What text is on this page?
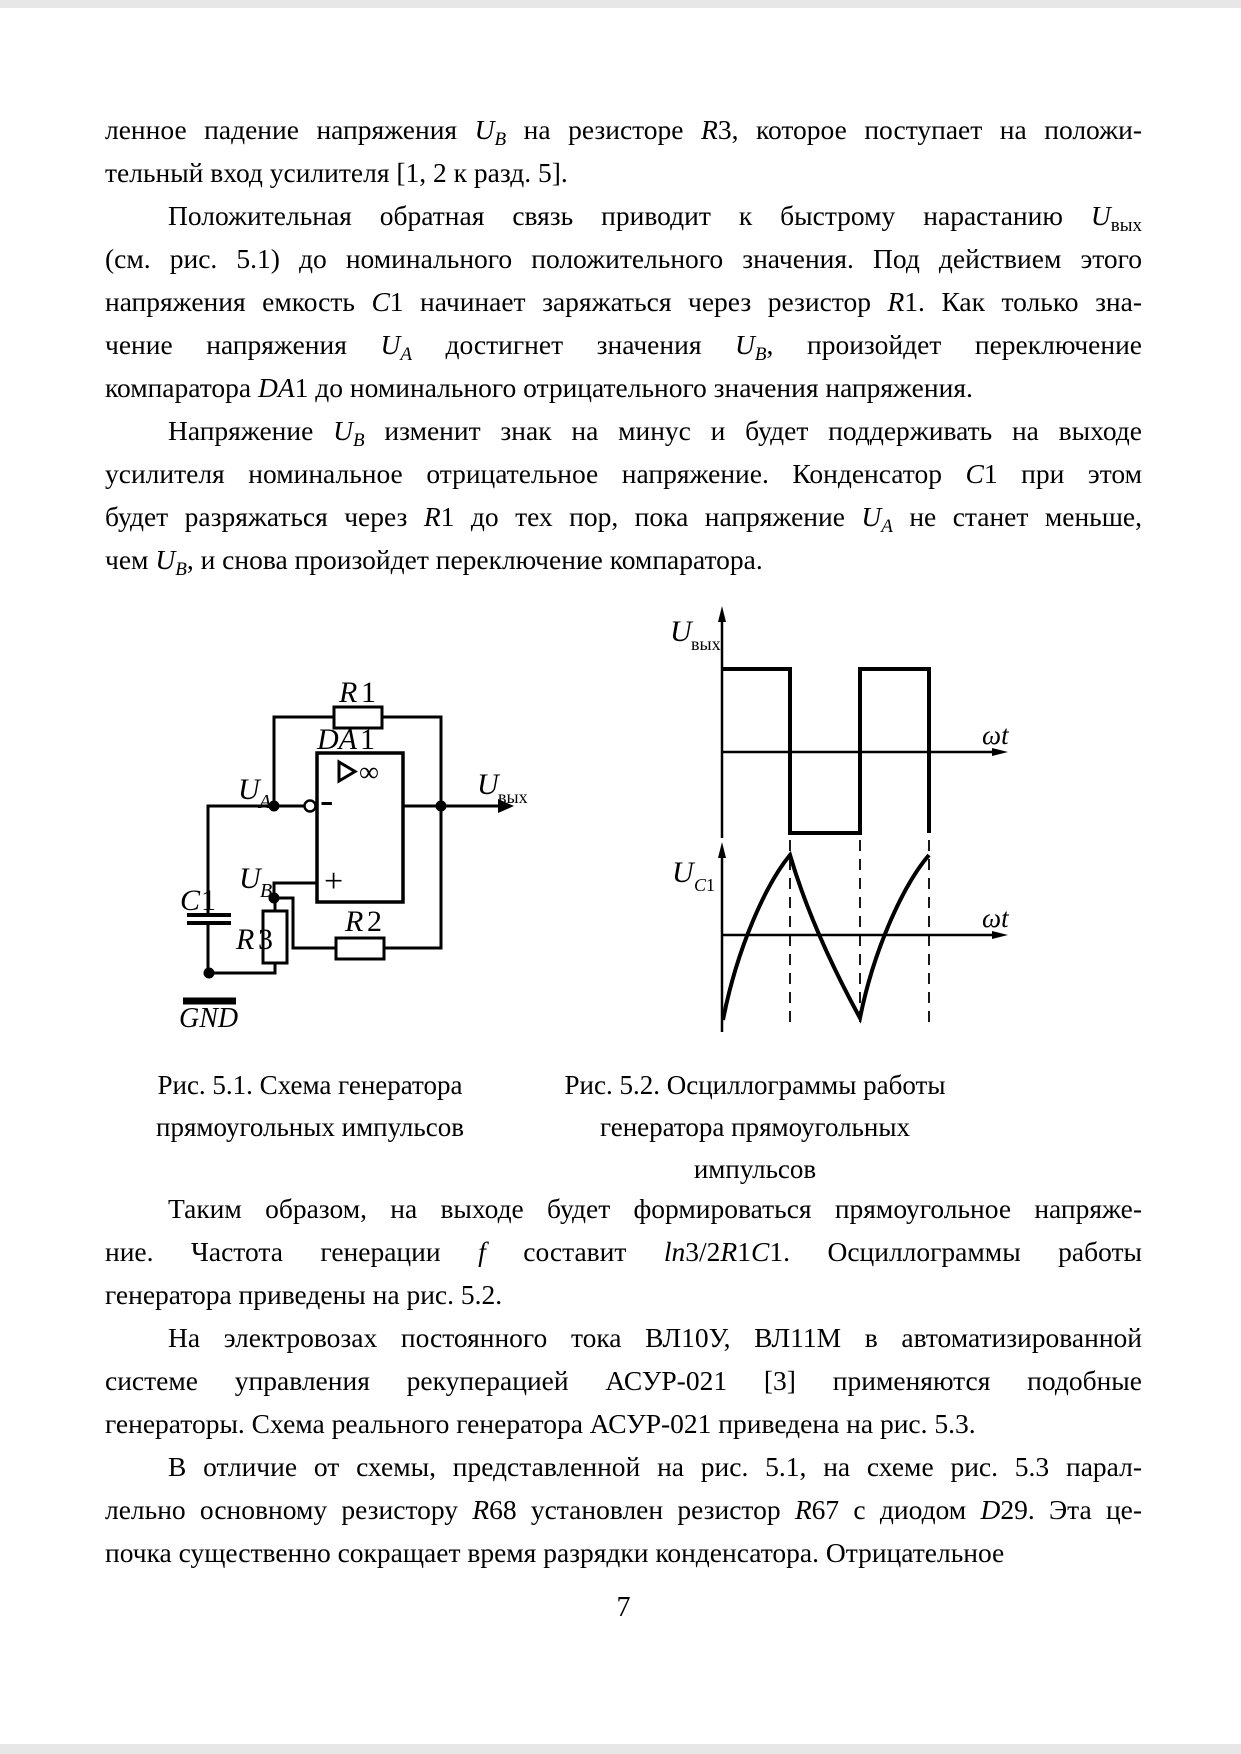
ленное падение напряжения $U_B$ на резисторе R3, которое поступает на положи-
тельный вход усилителя [1, 2 к разд. 5].
Положительная обратная связь приводит к быстрому нарастанию $U_{вых}$
(см. рис. 5.1) до номинального положительного значения. Под действием этого
напряжения емкость C1 начинает заряжаться через резистор R1. Как только зна-
чение напряжения $U_A$ достигнет значения $U_B$, произойдет переключение
компаратора DA1 до номинального отрицательного значения напряжения.
Напряжение $U_B$ изменит знак на минус и будет поддерживать на выходе
усилителя номинальное отрицательное напряжение. Конденсатор C1 при этом
будет разряжаться через R1 до тех пор, пока напряжение $U_A$ не станет меньше,
чем $U_B$, и снова произойдет переключение компаратора.
R 1
DA 1
U A
U вых
U B
C 1
R 3
R 2
GND
-
+
∞
U вых
ωt
U C 1
ωt
Рис. 5.1. Схема генератора
прямоугольных импульсов
Рис. 5.2. Осциллограммы работы
генератора прямоугольных
импульсов
Таким образом, на выходе будет формироваться прямоугольное напряже-
ние. Частота генерации f составит ln3/2R1C1. Осциллограммы работы
генератора приведены на рис. 5.2.
На электровозах постоянного тока ВЛ10У, ВЛ11М в автоматизированной
системе управления рекуперацией АСУР-021 [3] применяются подобные
генераторы. Схема реального генератора АСУР-021 приведена на рис. 5.3.
В отличие от схемы, представленной на рис. 5.1, на схеме рис. 5.3 парал-
лельно основному резистору R68 установлен резистор R67 с диодом D29. Эта це-
почка существенно сокращает время разрядки конденсатора. Отрицательное
7
